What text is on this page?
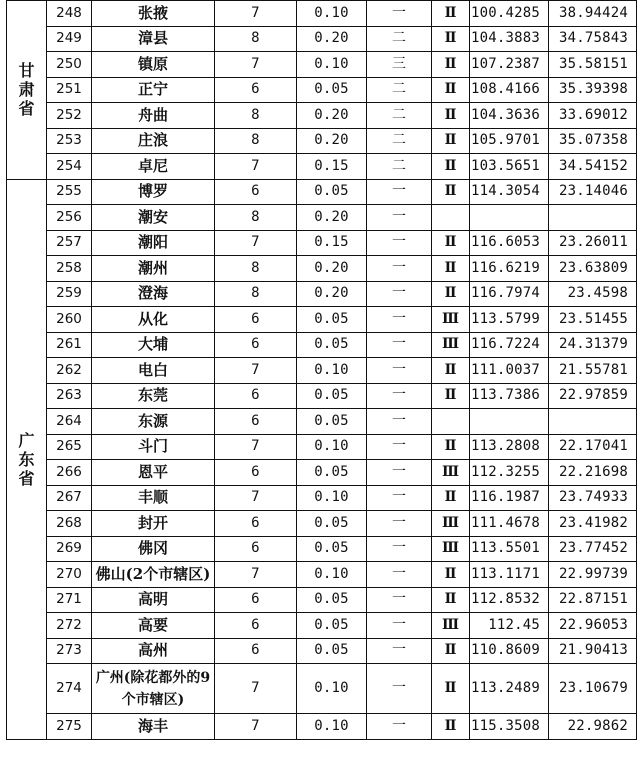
甘肃省	248	张掖	7	0.10	一	Ⅱ	100.4285	38.94424
	249	漳县	8	0.20	二	Ⅱ	104.3883	34.75843
	250	镇原	7	0.10	三	Ⅱ	107.2387	35.58151
	251	正宁	6	0.05	二	Ⅱ	108.4166	35.39398
	252	舟曲	8	0.20	二	Ⅱ	104.3636	33.69012
	253	庄浪	8	0.20	二	Ⅱ	105.9701	35.07358
	254	卓尼	7	0.15	二	Ⅱ	103.5651	34.54152
广东省	255	博罗	6	0.05	一	Ⅱ	114.3054	23.14046
	256	潮安	8	0.20	一			
	257	潮阳	7	0.15	一	Ⅱ	116.6053	23.26011
	258	潮州	8	0.20	一	Ⅱ	116.6219	23.63809
	259	澄海	8	0.20	一	Ⅱ	116.7974	23.4598
	260	从化	6	0.05	一	Ⅲ	113.5799	23.51455
	261	大埔	6	0.05	一	Ⅲ	116.7224	24.31379
	262	电白	7	0.10	一	Ⅱ	111.0037	21.55781
	263	东莞	6	0.05	一	Ⅱ	113.7386	22.97859
	264	东源	6	0.05	一			
	265	斗门	7	0.10	一	Ⅱ	113.2808	22.17041
	266	恩平	6	0.05	一	Ⅲ	112.3255	22.21698
	267	丰顺	7	0.10	一	Ⅱ	116.1987	23.74933
	268	封开	6	0.05	一	Ⅲ	111.4678	23.41982
	269	佛冈	6	0.05	一	Ⅲ	113.5501	23.77452
	270	佛山(2个市辖区)	7	0.10	一	Ⅱ	113.1171	22.99739
	271	高明	6	0.05	一	Ⅱ	112.8532	22.87151
	272	高要	6	0.05	一	Ⅲ	112.45	22.96053
	273	高州	6	0.05	一	Ⅱ	110.8609	21.90413
	274	广州(除花都外的9个市辖区)	7	0.10	一	Ⅱ	113.2489	23.10679
	275	海丰	7	0.10	一	Ⅱ	115.3508	22.9862
